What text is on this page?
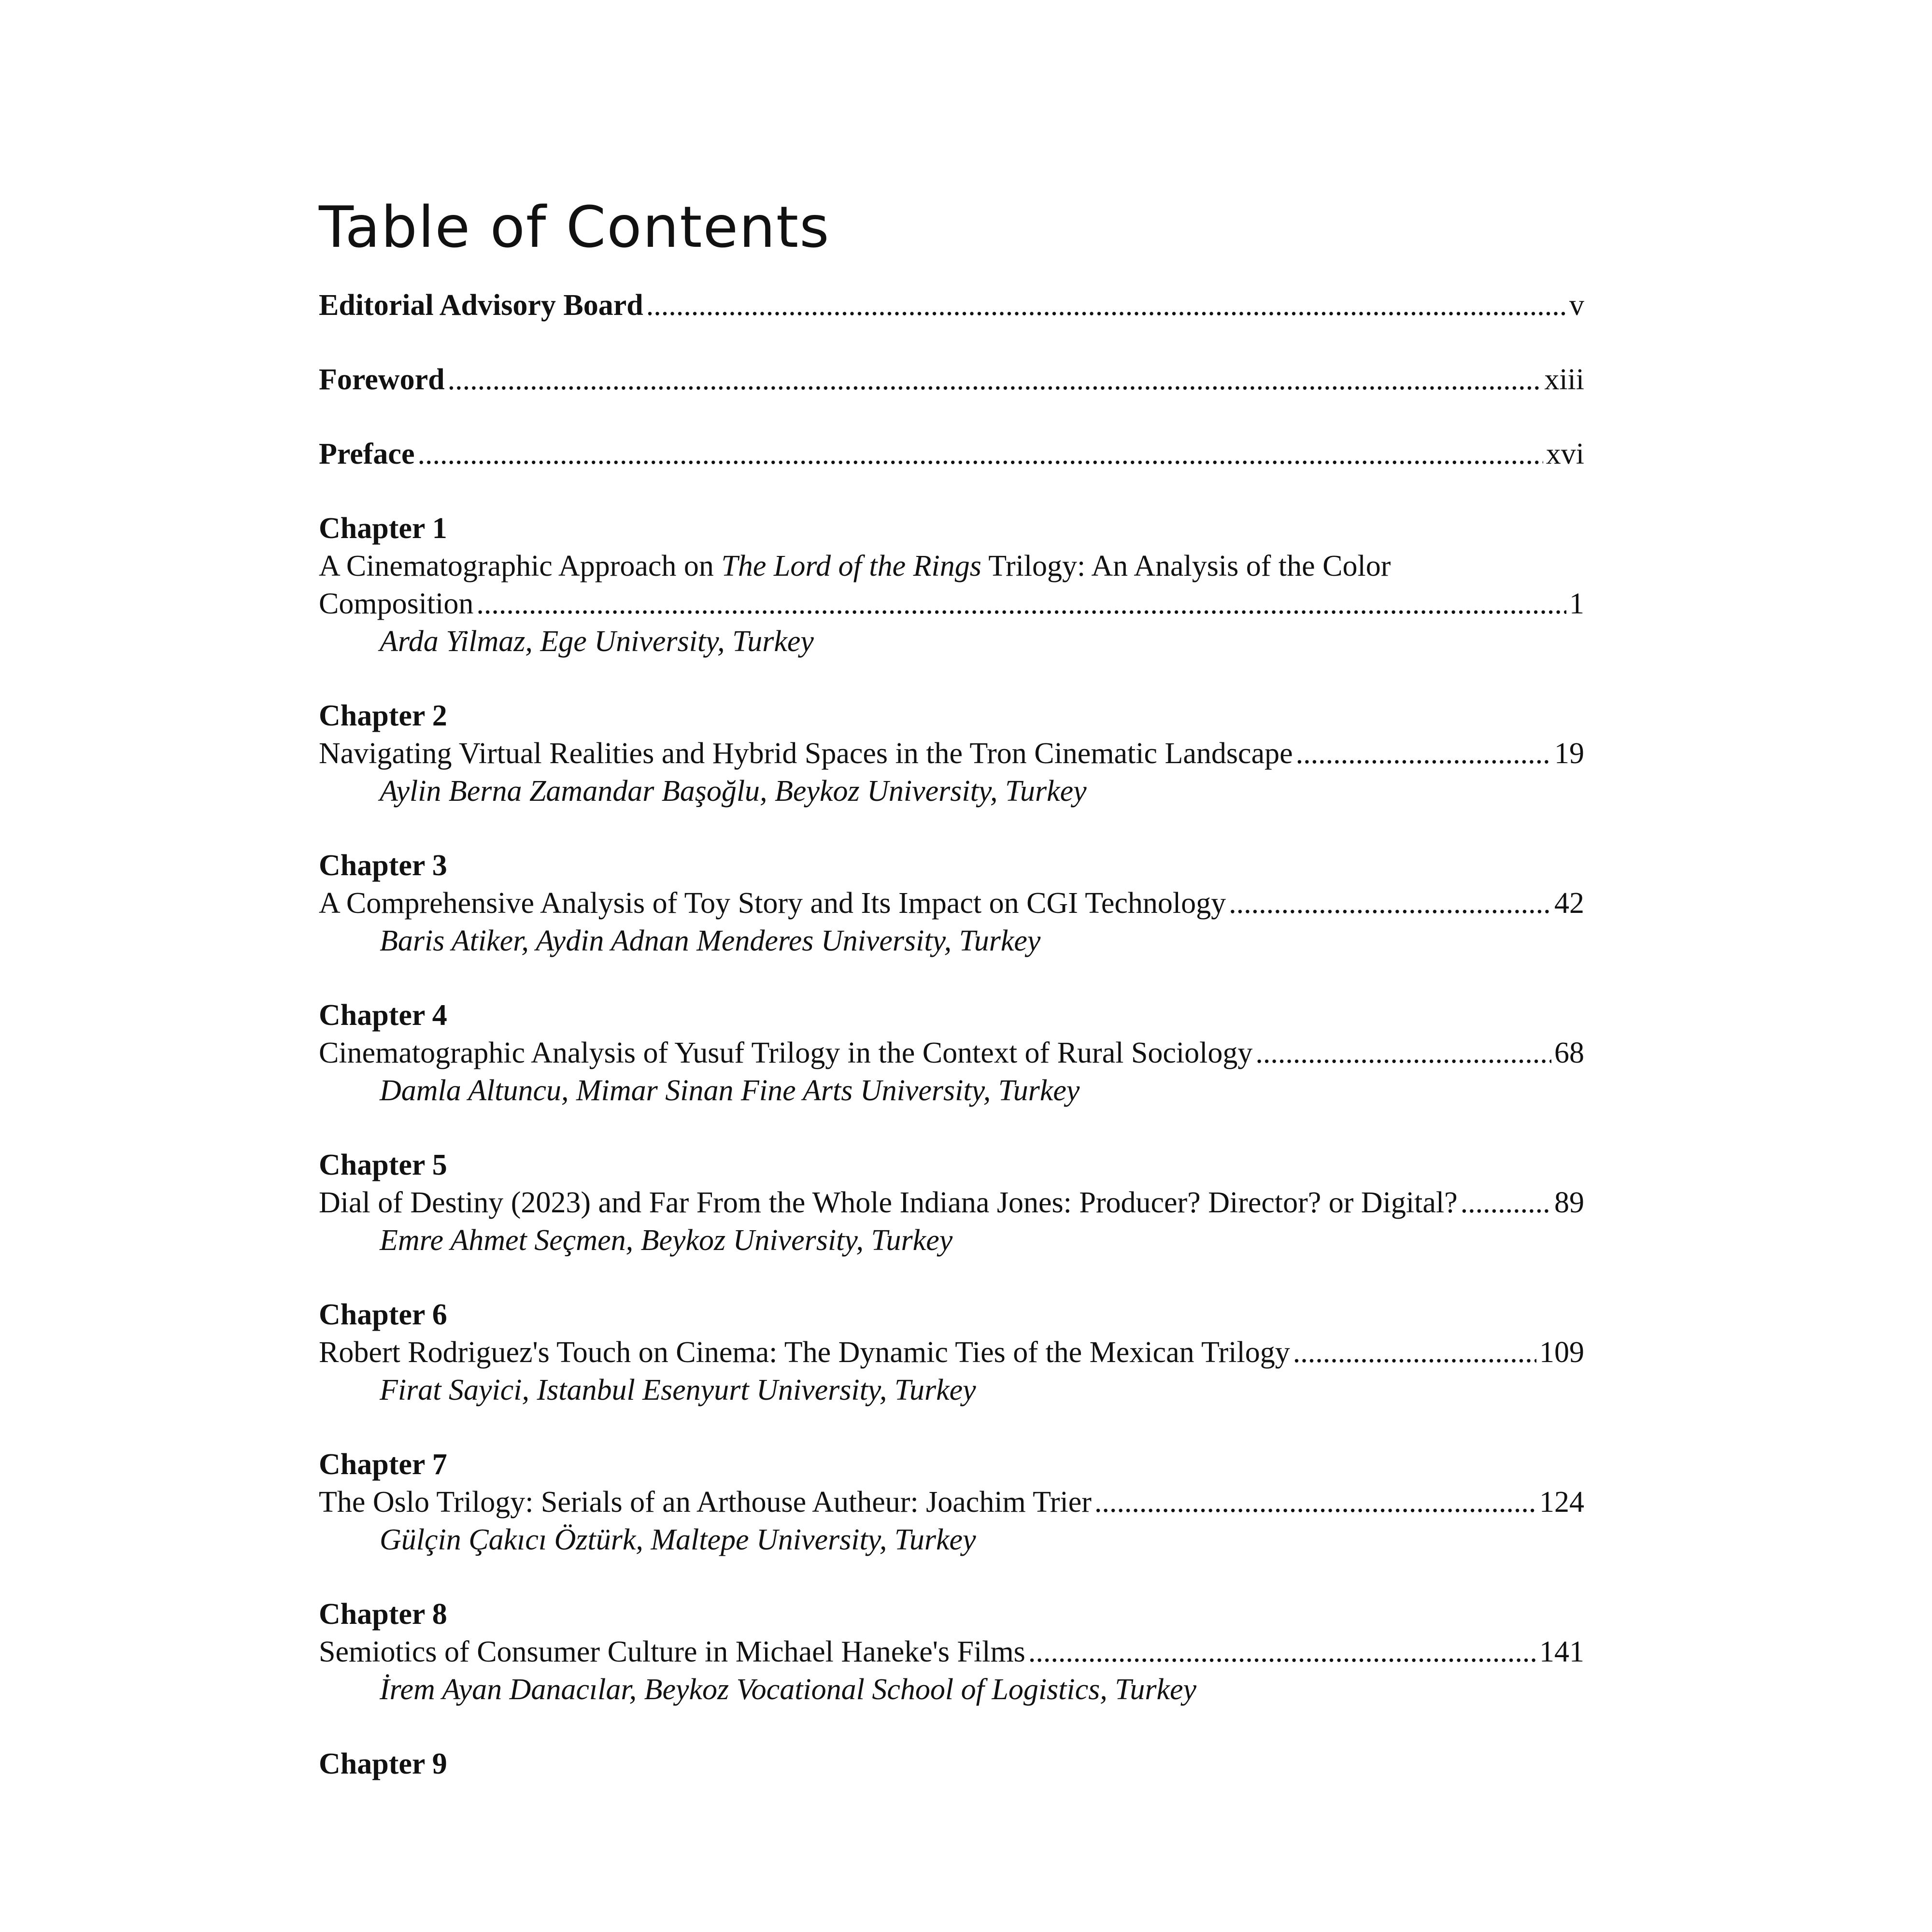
Table of Contents
Editorial Advisory Board .....	v
Foreword .....	xiii
Preface .....	xvi
Chapter 1
A Cinematographic Approach on The Lord of the Rings Trilogy: An Analysis of the Color
Composition .....	1
Arda Yilmaz, Ege University, Turkey
Chapter 2
Navigating Virtual Realities and Hybrid Spaces in the Tron Cinematic Landscape .....	19
Aylin Berna Zamandar Başoğlu, Beykoz University, Turkey
Chapter 3
A Comprehensive Analysis of Toy Story and Its Impact on CGI Technology .....	42
Baris Atiker, Aydin Adnan Menderes University, Turkey
Chapter 4
Cinematographic Analysis of Yusuf Trilogy in the Context of Rural Sociology .....	68
Damla Altuncu, Mimar Sinan Fine Arts University, Turkey
Chapter 5
Dial of Destiny (2023) and Far From the Whole Indiana Jones: Producer? Director? or Digital? .....	89
Emre Ahmet Seçmen, Beykoz University, Turkey
Chapter 6
Robert Rodriguez's Touch on Cinema: The Dynamic Ties of the Mexican Trilogy .....	109
Firat Sayici, Istanbul Esenyurt University, Turkey
Chapter 7
The Oslo Trilogy: Serials of an Arthouse Autheur: Joachim Trier .....	124
Gülçin Çakıcı Öztürk, Maltepe University, Turkey
Chapter 8
Semiotics of Consumer Culture in Michael Haneke's Films .....	141
İrem Ayan Danacılar, Beykoz Vocational School of Logistics, Turkey
Chapter 9
